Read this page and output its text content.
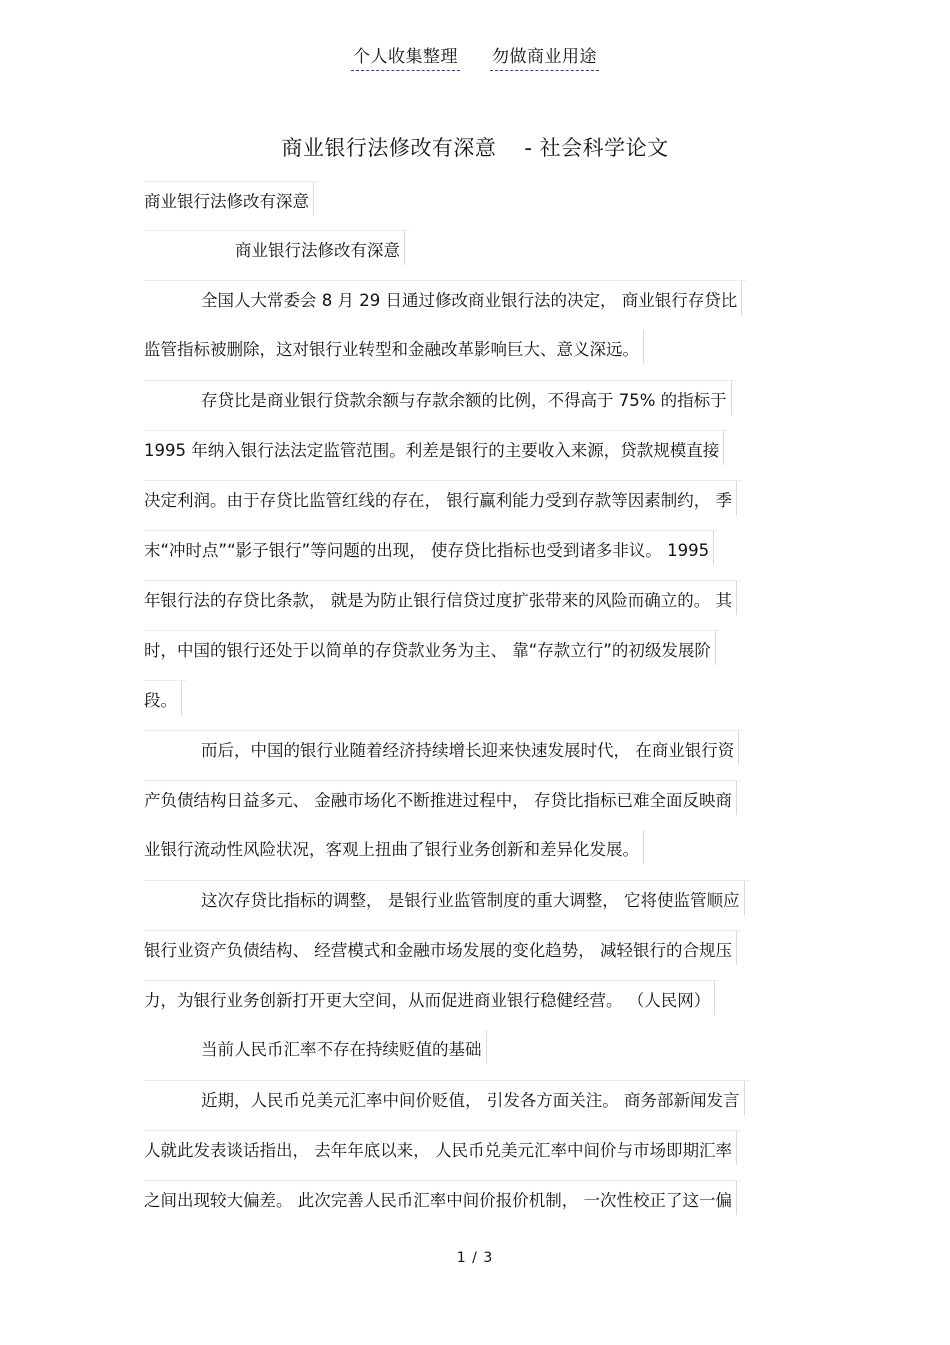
个人收集整理 勿做商业用途
商业银行法修改有深意 - 社会科学论文
商业银行法修改有深意
商业银行法修改有深意
全国人大常委会 8 月 29 日通过修改商业银行法的决定， 商业银行存贷比
监管指标被删除，这对银行业转型和金融改革影响巨大、意义深远。
存贷比是商业银行贷款余额与存款余额的比例，不得高于 75% 的指标于
1995 年纳入银行法法定监管范围。利差是银行的主要收入来源，贷款规模直接
决定利润。由于存贷比监管红线的存在， 银行赢利能力受到存款等因素制约， 季
末“冲时点”“影子银行”等问题的出现， 使存贷比指标也受到诸多非议。 1995
年银行法的存贷比条款， 就是为防止银行信贷过度扩张带来的风险而确立的。 其
时，中国的银行还处于以简单的存贷款业务为主、 靠“存款立行”的初级发展阶
段。
而后，中国的银行业随着经济持续增长迎来快速发展时代， 在商业银行资
产负债结构日益多元、 金融市场化不断推进过程中， 存贷比指标已难全面反映商
业银行流动性风险状况，客观上扭曲了银行业务创新和差异化发展。
这次存贷比指标的调整， 是银行业监管制度的重大调整， 它将使监管顺应
银行业资产负债结构、 经营模式和金融市场发展的变化趋势， 减轻银行的合规压
力，为银行业务创新打开更大空间，从而促进商业银行稳健经营。 （人民网）
当前人民币汇率不存在持续贬值的基础
近期，人民币兑美元汇率中间价贬值， 引发各方面关注。 商务部新闻发言
人就此发表谈话指出， 去年年底以来， 人民币兑美元汇率中间价与市场即期汇率
之间出现较大偏差。 此次完善人民币汇率中间价报价机制， 一次性校正了这一偏
1 / 3
